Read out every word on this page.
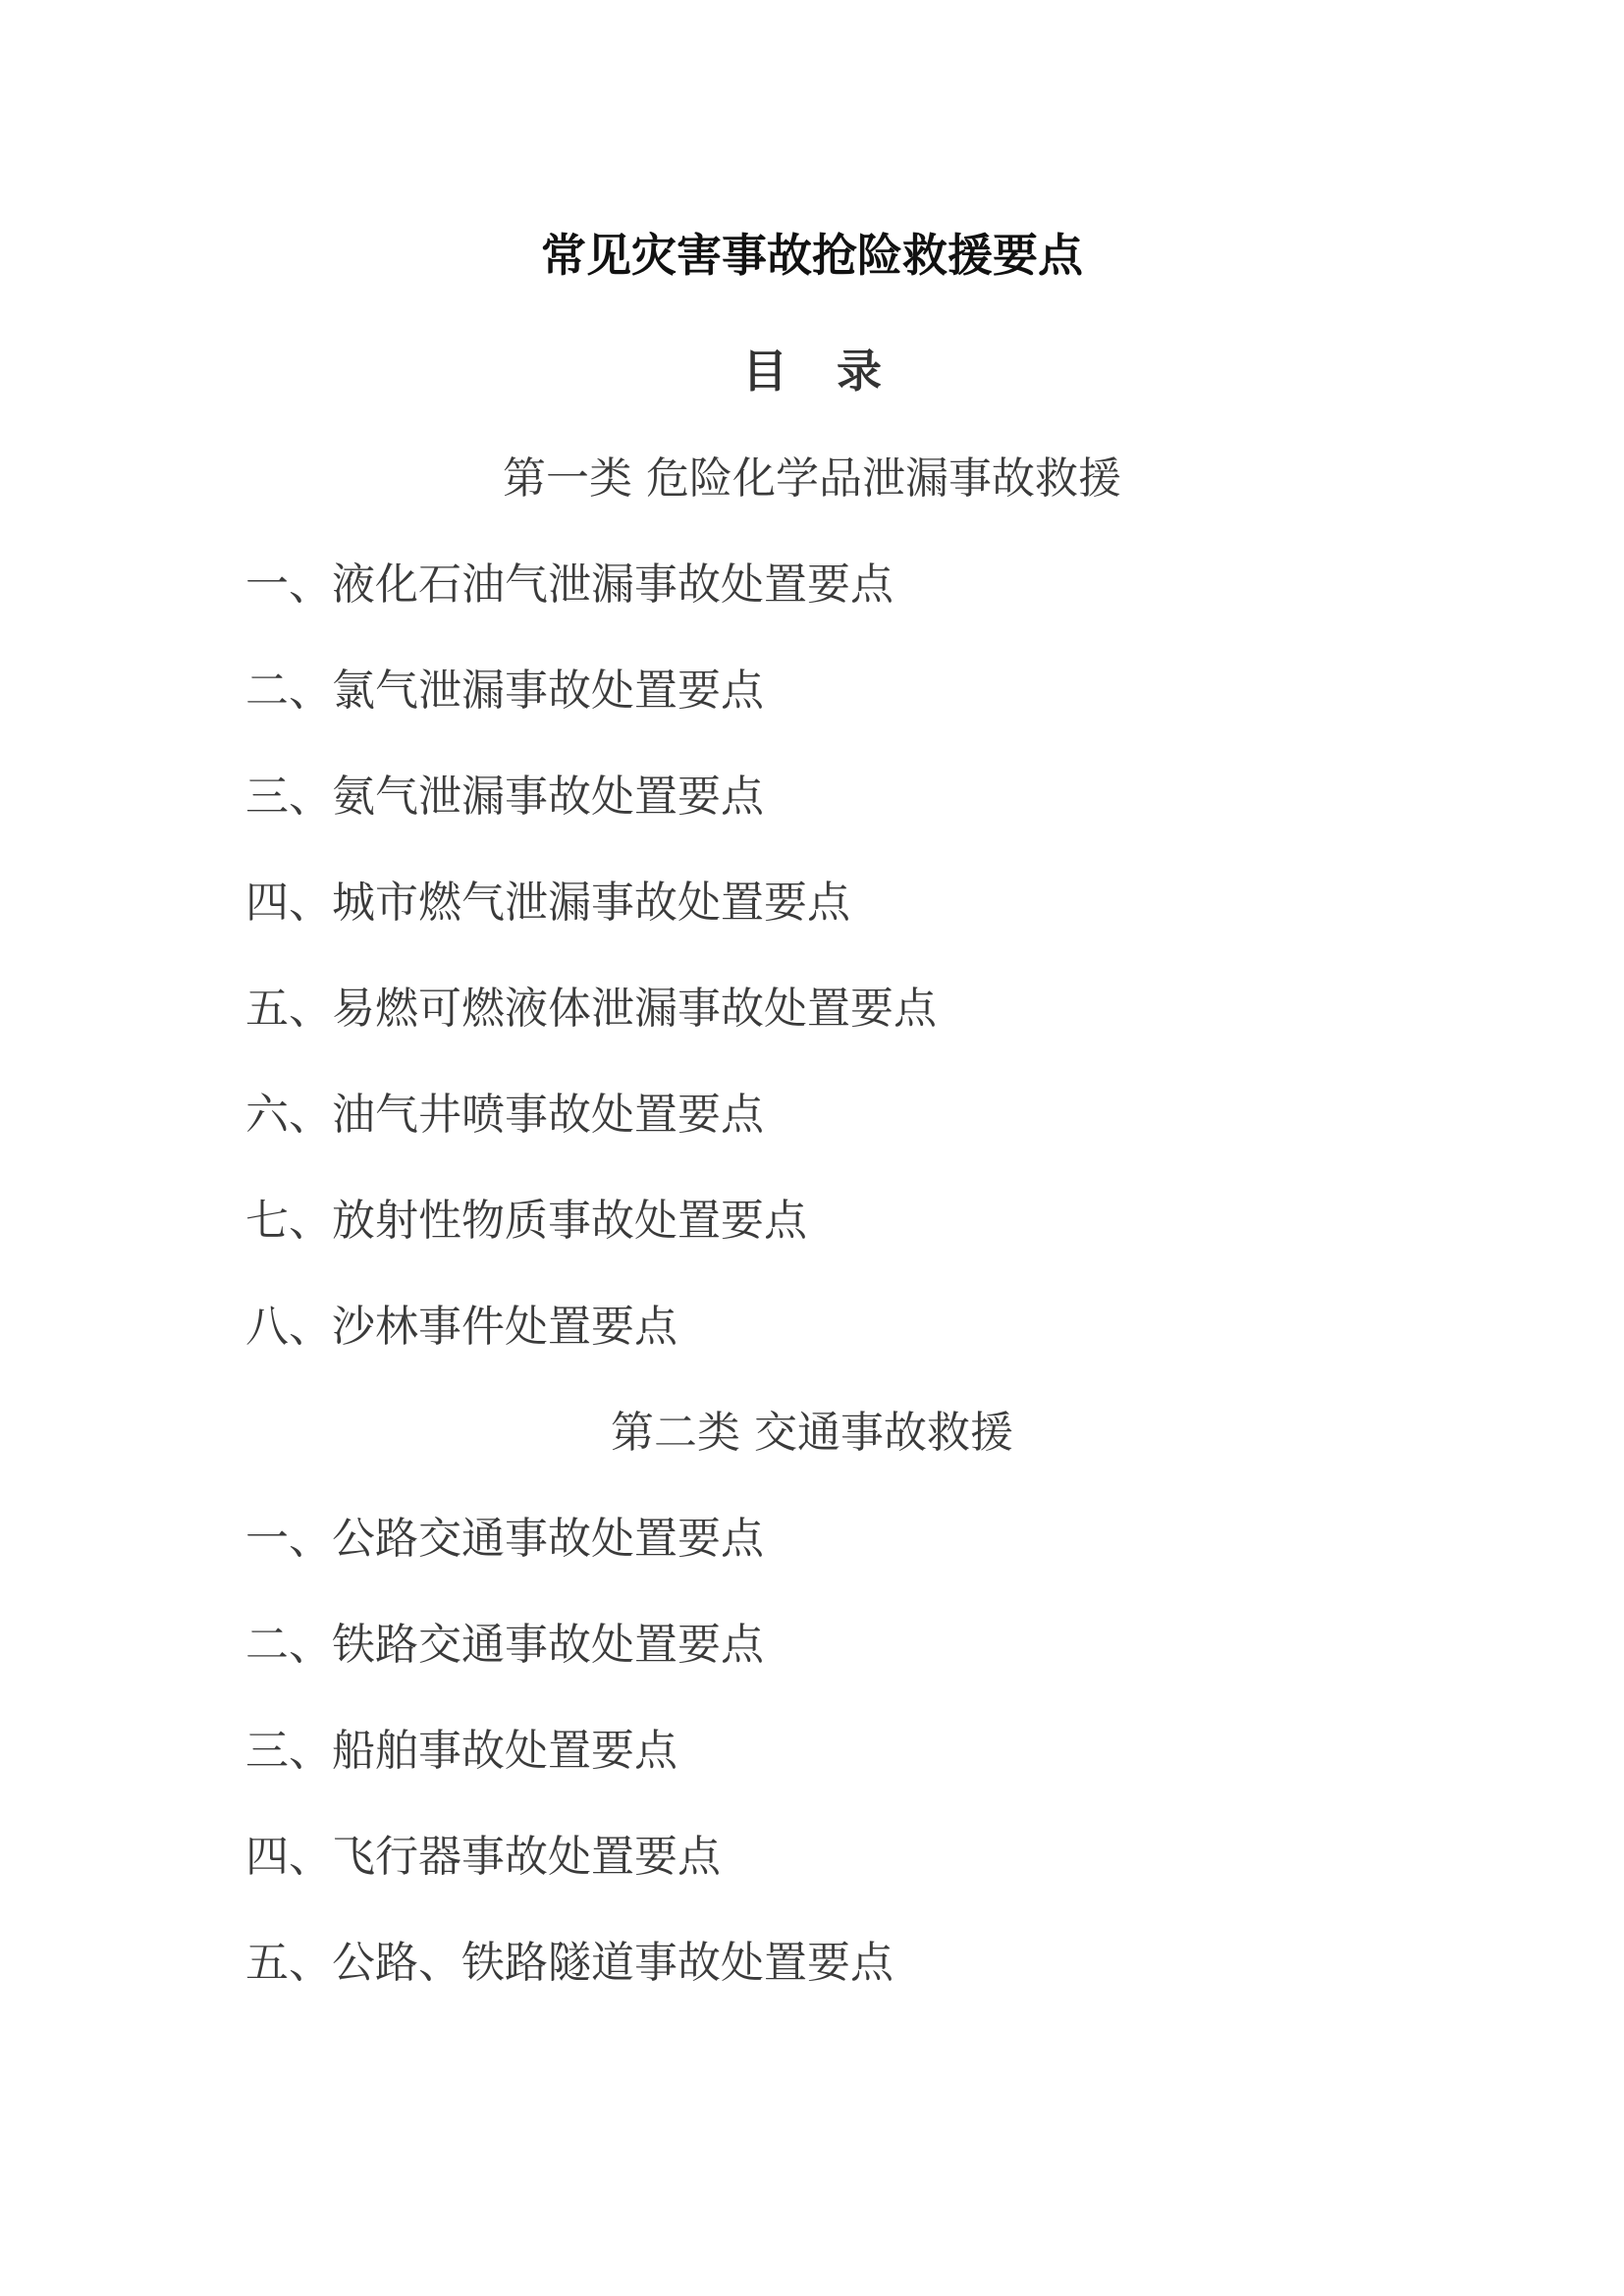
常见灾害事故抢险救援要点
目录
第一类 危险化学品泄漏事故救援
一、液化石油气泄漏事故处置要点
二、氯气泄漏事故处置要点
三、氨气泄漏事故处置要点
四、城市燃气泄漏事故处置要点
五、易燃可燃液体泄漏事故处置要点
六、油气井喷事故处置要点
七、放射性物质事故处置要点
八、沙林事件处置要点
第二类 交通事故救援
一、公路交通事故处置要点
二、铁路交通事故处置要点
三、船舶事故处置要点
四、飞行器事故处置要点
五、公路、铁路隧道事故处置要点
